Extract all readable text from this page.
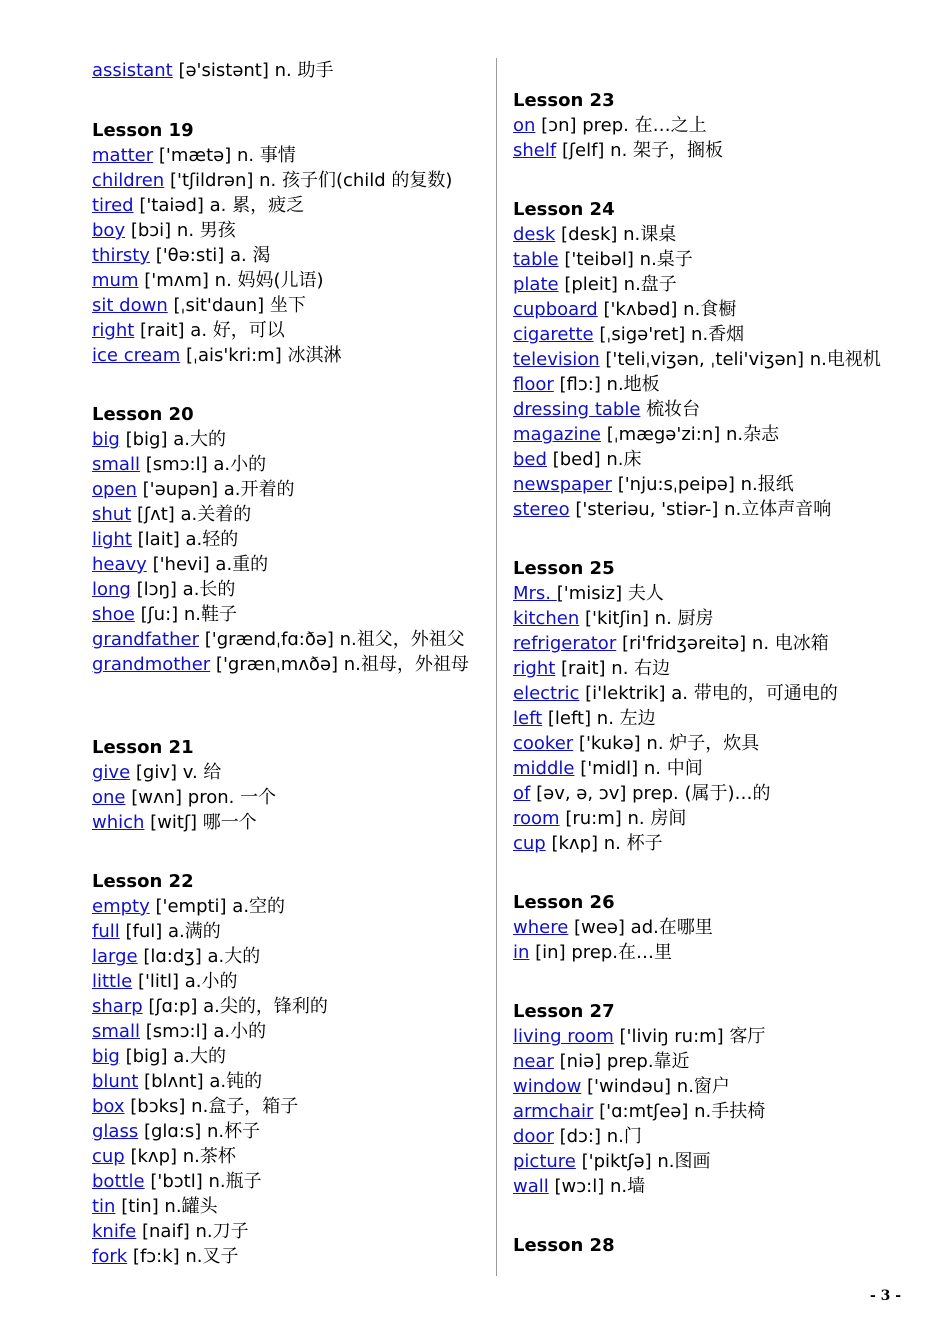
assistant [ə'sistənt] n. 助手
Lesson 19
matter ['mætə] n. 事情
children ['tʃildrən] n. 孩子们(child 的复数)
tired ['taiəd] a. 累，疲乏
boy [bɔi] n. 男孩
thirsty ['θə:sti] a. 渴
mum ['mʌm] n. 妈妈(儿语)
sit down [ˌsit'daun] 坐下
right [rait] a. 好，可以
ice cream [ˌais'kri:m] 冰淇淋
Lesson 20
big [big] a.大的
small [smɔ:l] a.小的
open ['əupən] a.开着的
shut [ʃʌt] a.关着的
light [lait] a.轻的
heavy ['hevi] a.重的
long [lɔŋ] a.长的
shoe [ʃu:] n.鞋子
grandfather ['grændˌfɑ:ðə] n.祖父，外祖父
grandmother ['grænˌmʌðə] n.祖母，外祖母
Lesson 21
give [giv] v. 给
one [wʌn] pron. 一个
which [witʃ] 哪一个
Lesson 22
empty ['empti] a.空的
full [ful] a.满的
large [lɑ:dʒ] a.大的
little ['litl] a.小的
sharp [ʃɑ:p] a.尖的，锋利的
small [smɔ:l] a.小的
big [big] a.大的
blunt [blʌnt] a.钝的
box [bɔks] n.盒子，箱子
glass [glɑ:s] n.杯子
cup [kʌp] n.茶杯
bottle ['bɔtl] n.瓶子
tin [tin] n.罐头
knife [naif] n.刀子
fork [fɔ:k] n.叉子
Lesson 23
on [ɔn] prep. 在…之上
shelf [ʃelf] n. 架子，搁板
Lesson 24
desk [desk] n.课桌
table ['teibəl] n.桌子
plate [pleit] n.盘子
cupboard ['kʌbəd] n.食橱
cigarette [ˌsigə'ret] n.香烟
television ['teliˌviʒən, ˌteli'viʒən] n.电视机
floor [flɔ:] n.地板
dressing table 梳妆台
magazine [ˌmægə'zi:n] n.杂志
bed [bed] n.床
newspaper ['nju:sˌpeipə] n.报纸
stereo ['steriəu, 'stiər-] n.立体声音响
Lesson 25
Mrs. ['misiz] 夫人
kitchen ['kitʃin] n. 厨房
refrigerator [ri'fridʒəreitə] n. 电冰箱
right [rait] n. 右边
electric [i'lektrik] a. 带电的，可通电的
left [left] n. 左边
cooker ['kukə] n. 炉子，炊具
middle ['midl] n. 中间
of [əv, ə, ɔv] prep. (属于)…的
room [ru:m] n. 房间
cup [kʌp] n. 杯子
Lesson 26
where [weə] ad.在哪里
in [in] prep.在…里
Lesson 27
living room ['liviŋ ru:m] 客厅
near [niə] prep.靠近
window ['windəu] n.窗户
armchair ['ɑ:mtʃeə] n.手扶椅
door [dɔ:] n.门
picture ['piktʃə] n.图画
wall [wɔ:l] n.墙
Lesson 28
- 3 -
